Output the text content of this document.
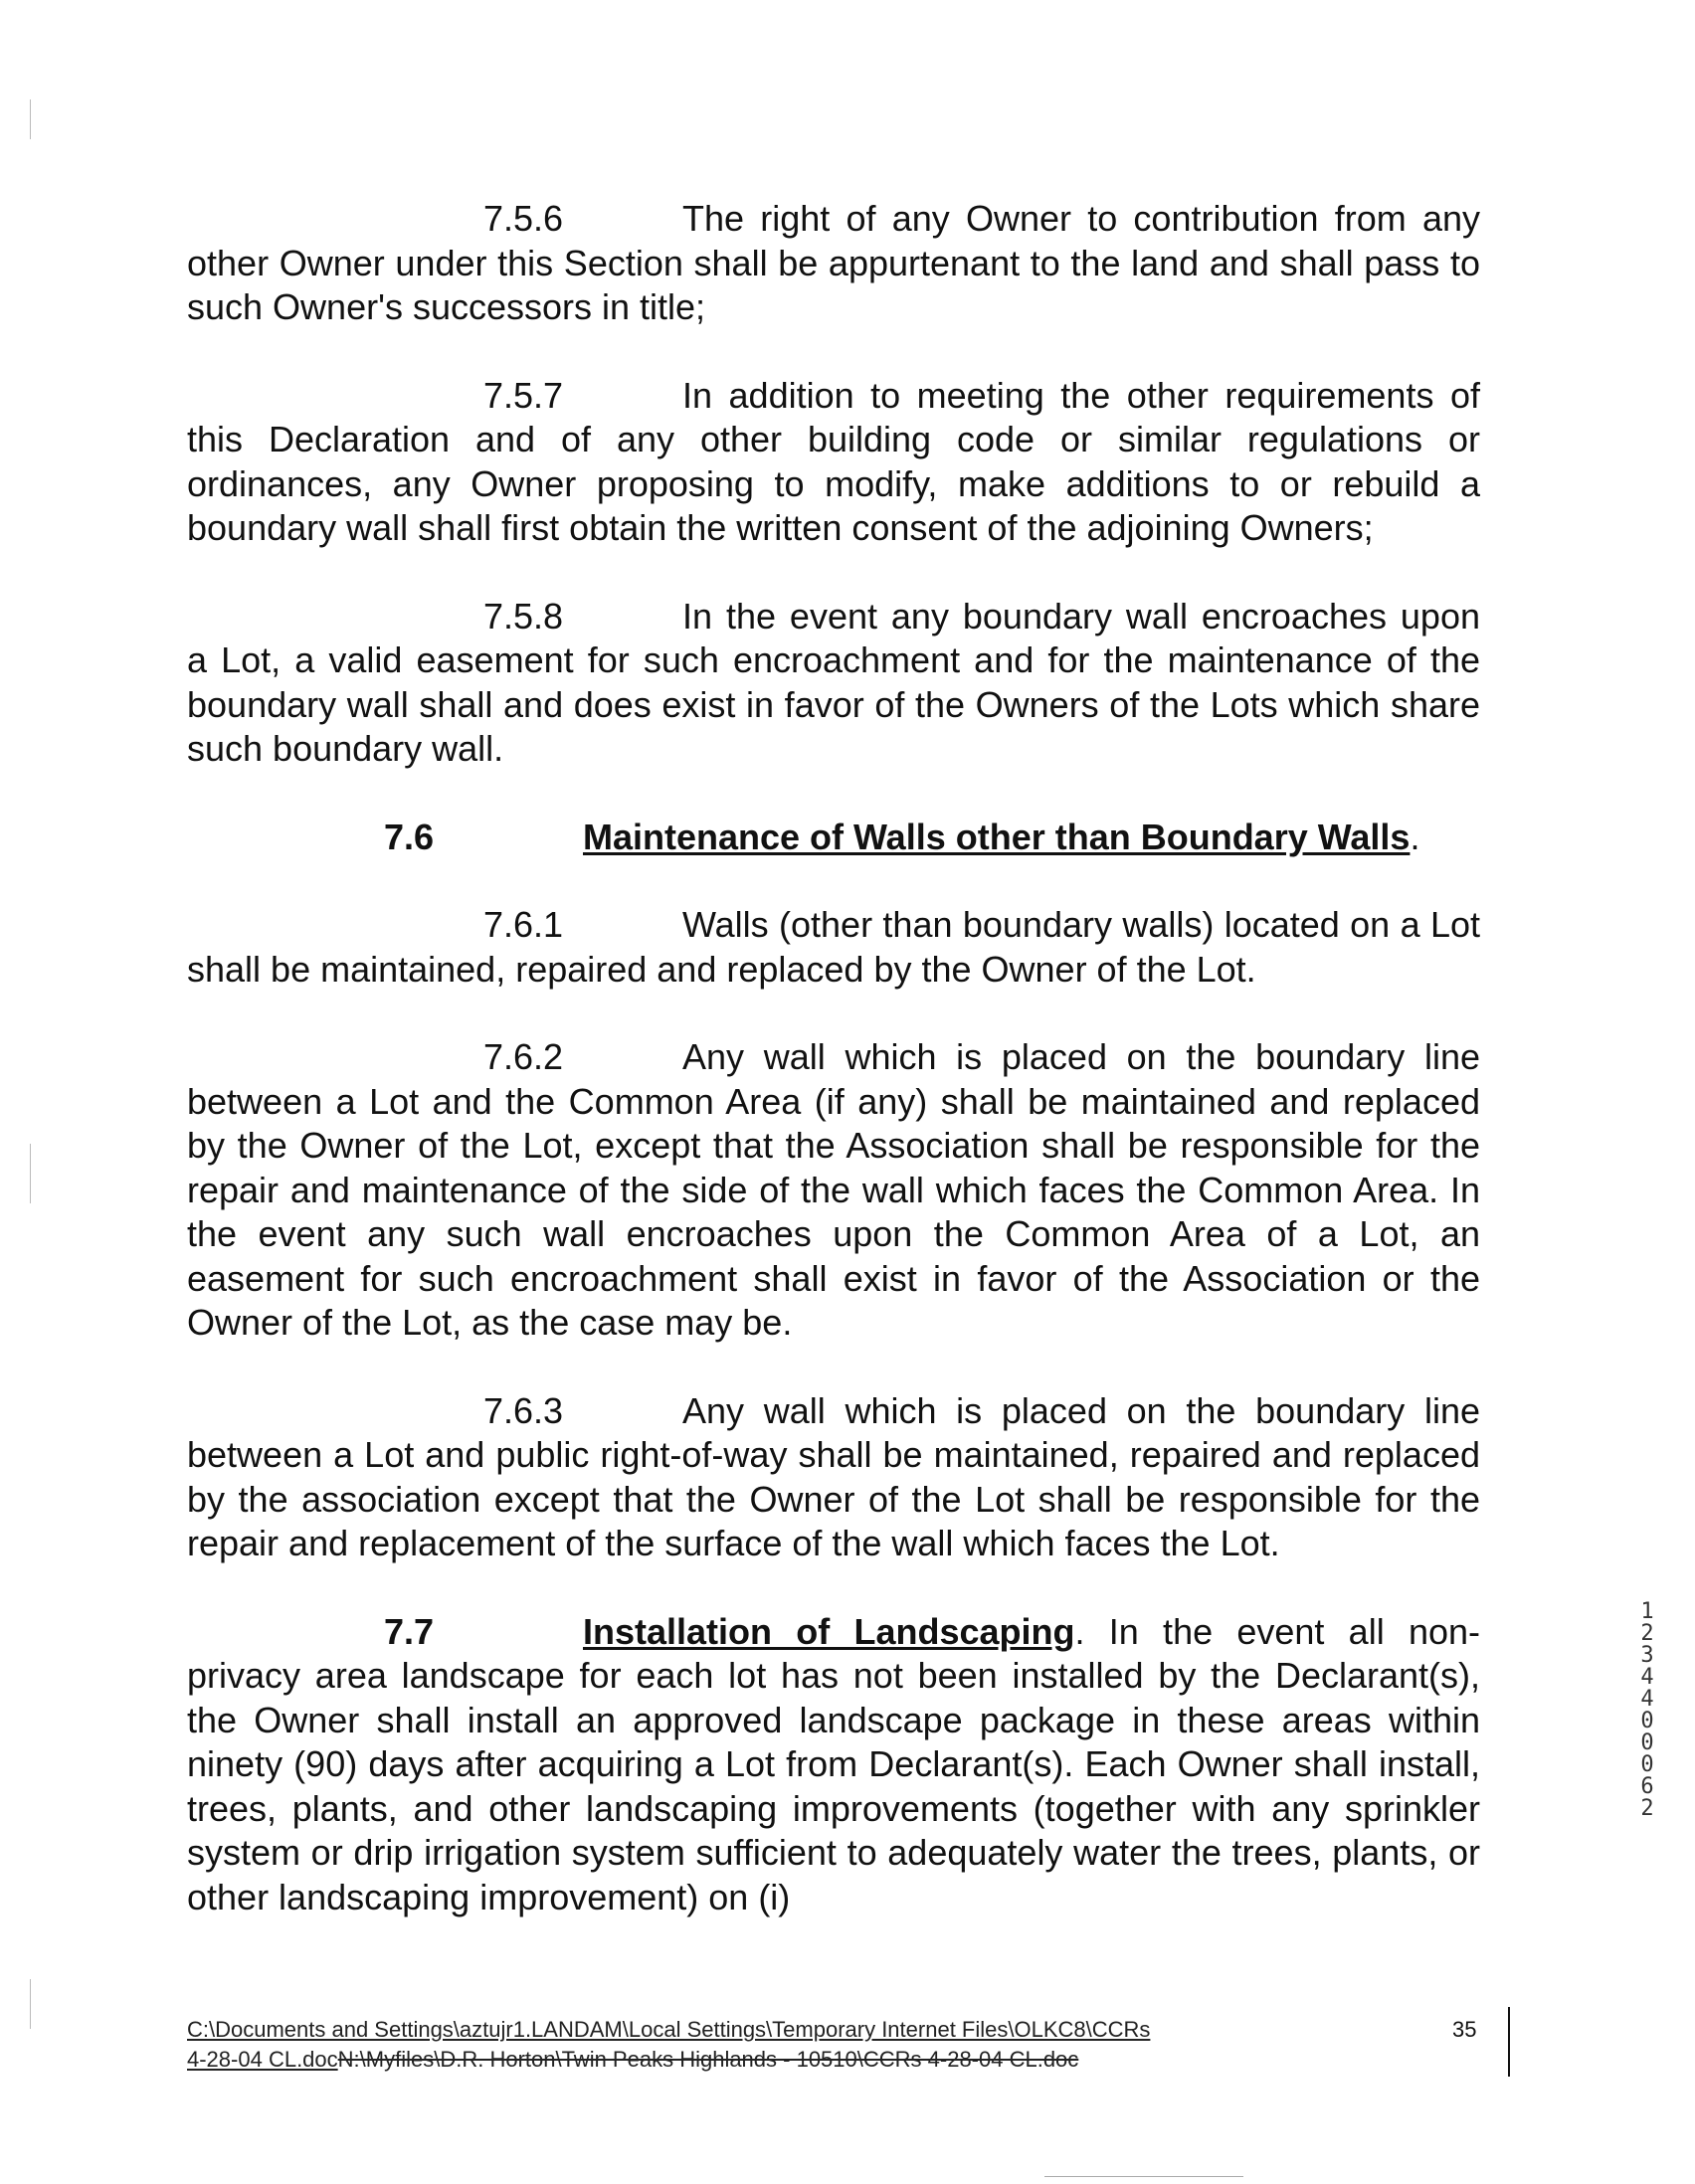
7.5.6	The right of any Owner to contribution from any other Owner under this Section shall be appurtenant to the land and shall pass to such Owner's successors in title;

7.5.7	In addition to meeting the other requirements of this Declaration and of any other building code or similar regulations or ordinances, any Owner proposing to modify, make additions to or rebuild a boundary wall shall first obtain the written consent of the adjoining Owners;

7.5.8	In the event any boundary wall encroaches upon a Lot, a valid easement for such encroachment and for the maintenance of the boundary wall shall and does exist in favor of the Owners of the Lots which share such boundary wall.

7.6	Maintenance of Walls other than Boundary Walls.

7.6.1	Walls (other than boundary walls) located on a Lot shall be maintained, repaired and replaced by the Owner of the Lot.

7.6.2	Any wall which is placed on the boundary line between a Lot and the Common Area (if any) shall be maintained and replaced by the Owner of the Lot, except that the Association shall be responsible for the repair and maintenance of the side of the wall which faces the Common Area. In the event any such wall encroaches upon the Common Area of a Lot, an easement for such encroachment shall exist in favor of the Association or the Owner of the Lot, as the case may be.

7.6.3	Any wall which is placed on the boundary line between a Lot and public right-of-way shall be maintained, repaired and replaced by the association except that the Owner of the Lot shall be responsible for the repair and replacement of the surface of the wall which faces the Lot.

7.7	Installation of Landscaping. In the event all non-privacy area landscape for each lot has not been installed by the Declarant(s), the Owner shall install an approved landscape package in these areas within ninety (90) days after acquiring a Lot from Declarant(s). Each Owner shall install, trees, plants, and other landscaping improvements (together with any sprinkler system or drip irrigation system sufficient to adequately water the trees, plants, or other landscaping improvement) on (i)

C:\Documents and Settings\aztujr1.LANDAM\Local Settings\Temporary Internet Files\OLKC8\CCRs
4-28-04 CL.docN:\Myfiles\D.R. Horton\Twin Peaks Highlands - 10510\CCRs 4-28-04 CL.doc
35
12344 00062
